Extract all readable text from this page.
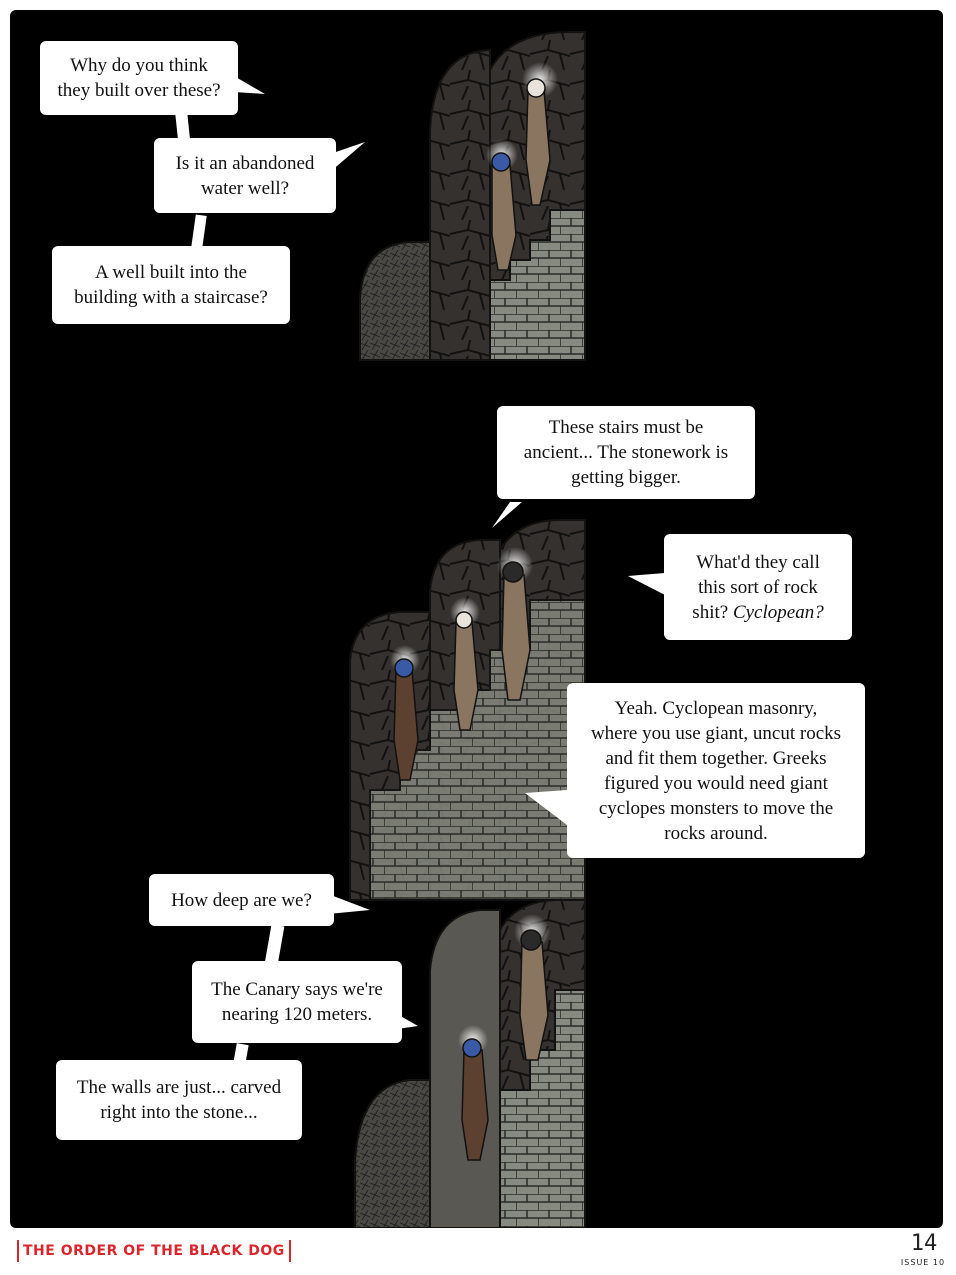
Why do you think
they built over these?
Is it an abandoned
water well?
A well built into the
building with a staircase?
These stairs must be
ancient... The stonework is
getting bigger.
What'd they call
this sort of rock
shit? Cyclopean?
Yeah. Cyclopean masonry,
where you use giant, uncut rocks
and fit them together. Greeks
figured you would need giant
cyclopes monsters to move the
rocks around.
How deep are we?
The Canary says we're
nearing 120 meters.
The walls are just... carved
right into the stone...
THE ORDER OF THE BLACK DOG	14
ISSUE 10
